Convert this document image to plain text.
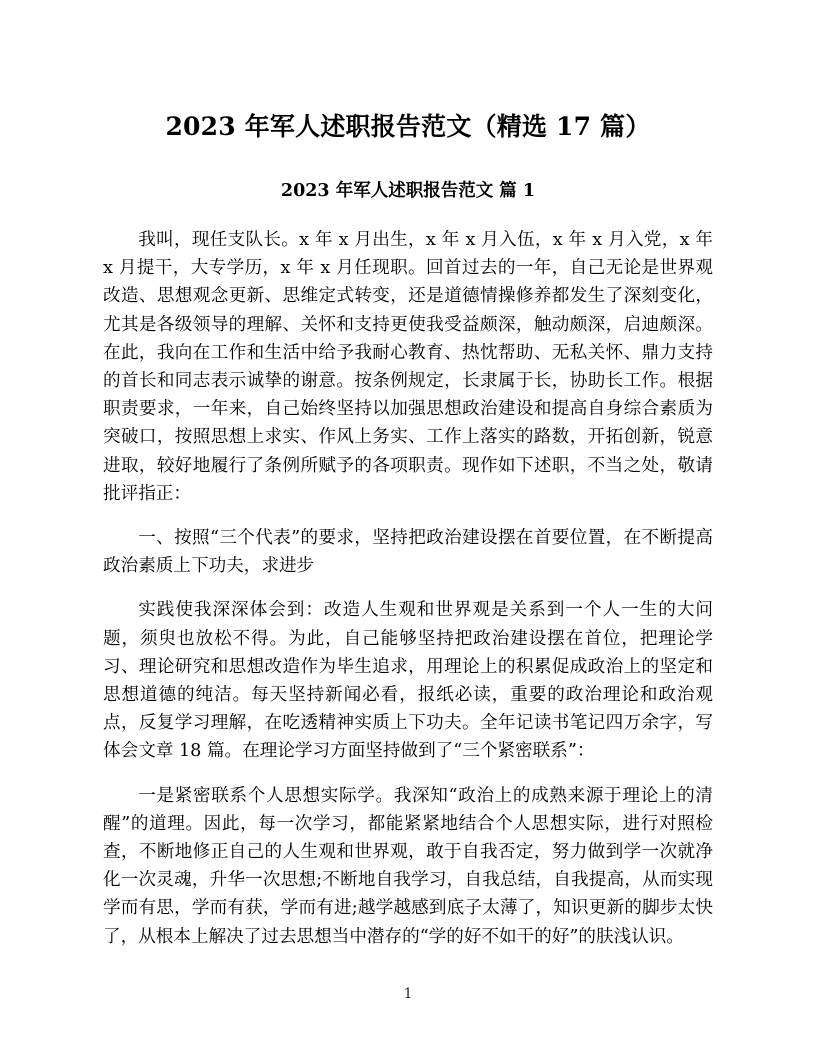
2023 年军人述职报告范文（精选 17 篇）
2023 年军人述职报告范文 篇 1

我叫，现任支队长。x 年 x 月出生，x 年 x 月入伍，x 年 x 月入党，x 年 x 月提干，大专学历，x 年 x 月任现职。回首过去的一年，自己无论是世界观改造、思想观念更新、思维定式转变，还是道德情操修养都发生了深刻变化，尤其是各级领导的理解、关怀和支持更使我受益颇深，触动颇深，启迪颇深。在此，我向在工作和生活中给予我耐心教育、热忱帮助、无私关怀、鼎力支持的首长和同志表示诚挚的谢意。按条例规定，长隶属于长，协助长工作。根据职责要求，一年来，自己始终坚持以加强思想政治建设和提高自身综合素质为突破口，按照思想上求实、作风上务实、工作上落实的路数，开拓创新，锐意进取，较好地履行了条例所赋予的各项职责。现作如下述职，不当之处，敬请批评指正：

一、按照“三个代表”的要求，坚持把政治建设摆在首要位置，在不断提高政治素质上下功夫，求进步

实践使我深深体会到：改造人生观和世界观是关系到一个人一生的大问题，须臾也放松不得。为此，自己能够坚持把政治建设摆在首位，把理论学习、理论研究和思想改造作为毕生追求，用理论上的积累促成政治上的坚定和思想道德的纯洁。每天坚持新闻必看，报纸必读，重要的政治理论和政治观点，反复学习理解，在吃透精神实质上下功夫。全年记读书笔记四万余字，写体会文章 18 篇。在理论学习方面坚持做到了“三个紧密联系”：

一是紧密联系个人思想实际学。我深知“政治上的成熟来源于理论上的清醒”的道理。因此，每一次学习，都能紧紧地结合个人思想实际，进行对照检查，不断地修正自己的人生观和世界观，敢于自我否定，努力做到学一次就净化一次灵魂，升华一次思想;不断地自我学习，自我总结，自我提高，从而实现学而有思，学而有获，学而有进;越学越感到底子太薄了，知识更新的脚步太快了，从根本上解决了过去思想当中潜存的“学的好不如干的好”的肤浅认识。

1
